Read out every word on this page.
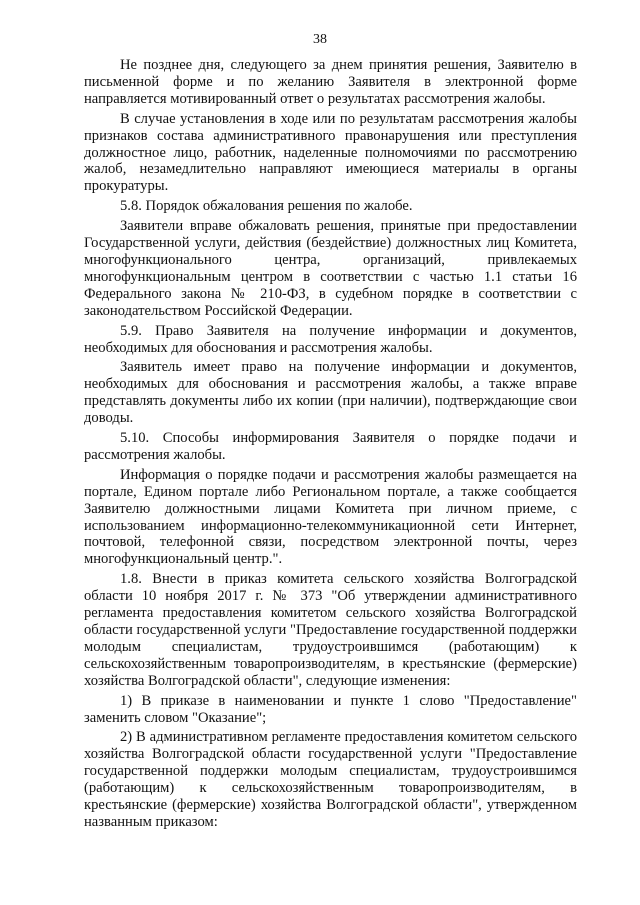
38

Не позднее дня, следующего за днем принятия решения, Заявителю в письменной форме и по желанию Заявителя в электронной форме направляется мотивированный ответ о результатах рассмотрения жалобы.

В случае установления в ходе или по результатам рассмотрения жалобы признаков состава административного правонарушения или преступления должностное лицо, работник, наделенные полномочиями по рассмотрению жалоб, незамедлительно направляют имеющиеся материалы в органы прокуратуры.

5.8. Порядок обжалования решения по жалобе.

Заявители вправе обжаловать решения, принятые при предоставлении Государственной услуги, действия (бездействие) должностных лиц Комитета, многофункционального центра, организаций, привлекаемых многофункциональным центром в соответствии с частью 1.1 статьи 16 Федерального закона № 210-ФЗ, в судебном порядке в соответствии с законодательством Российской Федерации.

5.9. Право Заявителя на получение информации и документов, необходимых для обоснования и рассмотрения жалобы.

Заявитель имеет право на получение информации и документов, необходимых для обоснования и рассмотрения жалобы, а также вправе представлять документы либо их копии (при наличии), подтверждающие свои доводы.

5.10. Способы информирования Заявителя о порядке подачи и рассмотрения жалобы.

Информация о порядке подачи и рассмотрения жалобы размещается на портале, Едином портале либо Региональном портале, а также сообщается Заявителю должностными лицами Комитета при личном приеме, с использованием информационно-телекоммуникационной сети Интернет, почтовой, телефонной связи, посредством электронной почты, через многофункциональный центр.".

1.8. Внести в приказ комитета сельского хозяйства Волгоградской области 10 ноября 2017 г. № 373 "Об утверждении административного регламента предоставления комитетом сельского хозяйства Волгоградской области государственной услуги "Предоставление государственной поддержки молодым специалистам, трудоустроившимся (работающим) к сельскохозяйственным товаропроизводителям, в крестьянские (фермерские) хозяйства Волгоградской области", следующие изменения:

1) В приказе в наименовании и пункте 1 слово "Предоставление" заменить словом "Оказание";

2) В административном регламенте предоставления комитетом сельского хозяйства Волгоградской области государственной услуги "Предоставление государственной поддержки молодым специалистам, трудоустроившимся (работающим) к сельскохозяйственным товаропроизводителям, в крестьянские (фермерские) хозяйства Волгоградской области", утвержденном названным приказом:
